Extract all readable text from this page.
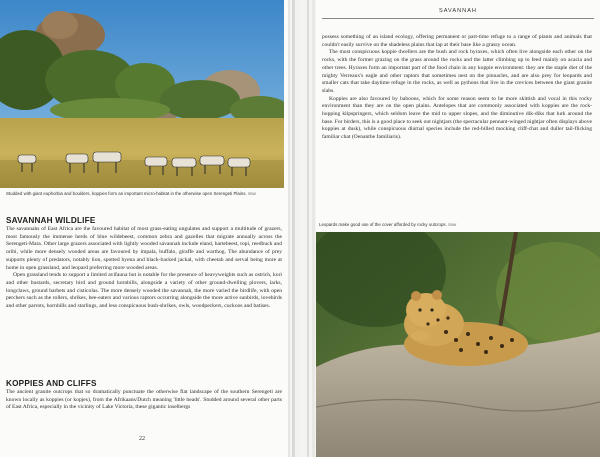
Studded with giant euphorbia and boulders, koppies form an important micro-habitat in the otherwise open Serengeti Plains. SBW
SAVANNAH WILDLIFE

The savannahs of East Africa are the favoured habitat of most grass-eating ungulates and support a multitude of grazers, most famously the immense herds of blue wildebeest, common zebra and gazelles that migrate annually across the Serengeti-Mara. Other large grazers associated with lightly wooded savannah include eland, hartebeest, topi, reedbuck and oribi, while more densely wooded areas are favoured by impala, buffalo, giraffe and warthog. The abundance of prey supports plenty of predators, notably lion, spotted hyena and black-backed jackal, with cheetah and serval being more at home in open grassland, and leopard preferring more wooded areas.

Open grassland tends to support a limited avifauna but is notable for the presence of heavyweights such as ostrich, kori and other bustards, secretary bird and ground hornbills, alongside a variety of other ground-dwelling plovers, larks, longclaws, ground barbets and cisticolas. The more densely wooded the savannah, the more varied the birdlife, with open perchers such as the rollers, shrikes, bee-eaters and various raptors occurring alongside the more active sunbirds, lovebirds and other parrots, hornbills and starlings, and less conspicuous bush-shrikes, owls, woodpeckers, cuckoos and batises.

KOPPIES AND CLIFFS

The ancient granite outcrops that so dramatically punctuate the otherwise flat landscape of the southern Serengeti are known locally as koppies (or kopjes), from the Afrikaans/Dutch meaning 'little heads'. Studded around several other parts of East Africa, especially in the vicinity of Lake Victoria, these gigantic inselbergs

22
SAVANNAH

possess something of an island ecology, offering permanent or part-time refuge to a range of plants and animals that couldn't easily survive on the shadeless plains that lap at their base like a grassy ocean.

The most conspicuous koppie dwellers are the bush and rock hyraxes, which often live alongside each other on the rocks, with the former grazing on the grass around the rocks and the latter climbing up to feed mainly on acacia and other trees. Hyraxes form an important part of the food chain in any koppie environment: they are the staple diet of the mighty Verreaux's eagle and other raptors that sometimes nest on the pinnacles, and are also prey for leopards and smaller cats that take daytime refuge in the rocks, as well as pythons that live in the crevices between the giant granite slabs.

Koppies are also favoured by baboons, which for some reason seem to be more skittish and vocal in this rocky environment than they are on the open plains. Antelopes that are commonly associated with koppies are the rock-hopping klipspringers, which seldom leave the mid to upper slopes, and the diminutive dik-diks that lurk around the base. For birders, this is a good place to seek out nightjars (the spectacular pennant-winged nightjar often displays above koppies at dusk), while conspicuous diurnal species include the red-billed mocking cliff-chat and duller tail-flicking familiar chat (Oenanthe familiaris).

Leopards make good use of the cover afforded by rocky outcrops. SBW
